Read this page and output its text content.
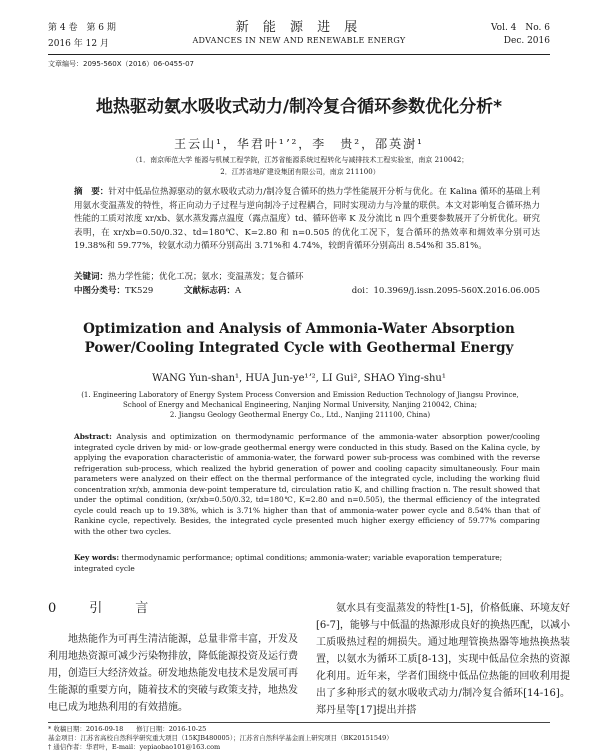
第 4 卷　第 6 期
2016 年 12 月
新 能 源 进 展
ADVANCES IN NEW AND RENEWABLE ENERGY
Vol. 4　No. 6
Dec. 2016
文章编号：2095-560X（2016）06-0455-07
地热驱动氨水吸收式动力/制冷复合循环参数优化分析*
王云山¹，华君叶¹ʼ²，李　贵²，邵英澍¹
（1．南京师范大学 能源与机械工程学院，江苏省能源系统过程转化与减排技术工程实验室，南京 210042；
2．江苏省地矿建设集团有限公司，南京 211100）
摘　要：针对中低品位热源驱动的氨水吸收式动力/制冷复合循环的热力学性能展开分析与优化。在 Kalina 循环的基础上利用氨水变温蒸发的特性，将正向动力子过程与逆向制冷子过程耦合，同时实现动力与冷量的联供。本文对影响复合循环热力性能的工质对浓度 xr/xb、氨水蒸发露点温度（露点温度）td、循环倍率 K 及分流比 n 四个重要参数展开了分析优化。研究表明，在 xr/xb=0.50/0.32、td=180℃、K=2.80 和 n=0.505 的优化工况下，复合循环的热效率和㶲效率分别可达 19.38%和 59.77%，较氨水动力循环分别高出 3.71%和 4.74%，较朗肯循环分别高出 8.54%和 35.81%。
关键词：热力学性能；优化工况；氨水；变温蒸发；复合循环
中图分类号：TK529	文献标志码：A	doi：10.3969/j.issn.2095-560X.2016.06.005
Optimization and Analysis of Ammonia-Water Absorption Power/Cooling Integrated Cycle with Geothermal Energy
WANG Yun-shan¹, HUA Jun-ye¹ʼ², LI Gui², SHAO Ying-shu¹
(1. Engineering Laboratory of Energy System Process Conversion and Emission Reduction Technology of Jiangsu Province,
School of Energy and Mechanical Engineering, Nanjing Normal University, Nanjing 210042, China;
2. Jiangsu Geology Geothermal Energy Co., Ltd., Nanjing 211100, China)
Abstract: Analysis and optimization on thermodynamic performance of the ammonia-water absorption power/cooling integrated cycle driven by mid- or low-grade geothermal energy were conducted in this study. Based on the Kalina cycle, by applying the evaporation characteristic of ammonia-water, the forward power sub-process was combined with the reverse refrigeration sub-process, which realized the hybrid generation of power and cooling capacity simultaneously. Four main parameters were analyzed on their effect on the thermal performance of the integrated cycle, including the working fluid concentration xr/xb, ammonia dew-point temperature td, circulation ratio K, and chilling fraction n. The result showed that under the optimal condition, (xr/xb=0.50/0.32, td=180℃, K=2.80 and n=0.505), the thermal efficiency of the integrated cycle could reach up to 19.38%, which is 3.71% higher than that of ammonia-water power cycle and 8.54% than that of Rankine cycle, repectively. Besides, the integrated cycle presented much higher exergy efficiency of 59.77% comparing with the other two cycles.
Key words: thermodynamic performance; optimal conditions; ammonia-water; variable evaporation temperature; integrated cycle
0　引　言

地热能作为可再生清洁能源，总量非常丰富，开发及利用地热资源可减少污染物排放，降低能源投资及运行费用，创造巨大经济效益。研发地热能发电技术是发展可再生能源的重要方向，随着技术的突破与政策支持，地热发电已成为地热利用的有效措施。

氨水具有变温蒸发的特性[1-5]，价格低廉、环境友好[6-7]，能够与中低温的热源形成良好的换热匹配，以减小工质吸热过程的㶲损失。通过地理管换热器等地热换热装置，以氨水为循环工质[8-13]，实现中低品位余热的资源化利用。近年来，学者们围绕中低品位热能的回收利用提出了多种形式的氨水吸收式动力/制冷复合循环[14-16]。郑丹星等[17]提出并搭

* 收稿日期：2016-09-18　　修订日期：2016-10-25
基金项目：江苏省高校自然科学研究重大项目（15KJB480005）；江苏省自然科学基金面上研究项目（BK20151549）
† 通信作者：华君叶，E-mail：yepiaobao101@163.com
